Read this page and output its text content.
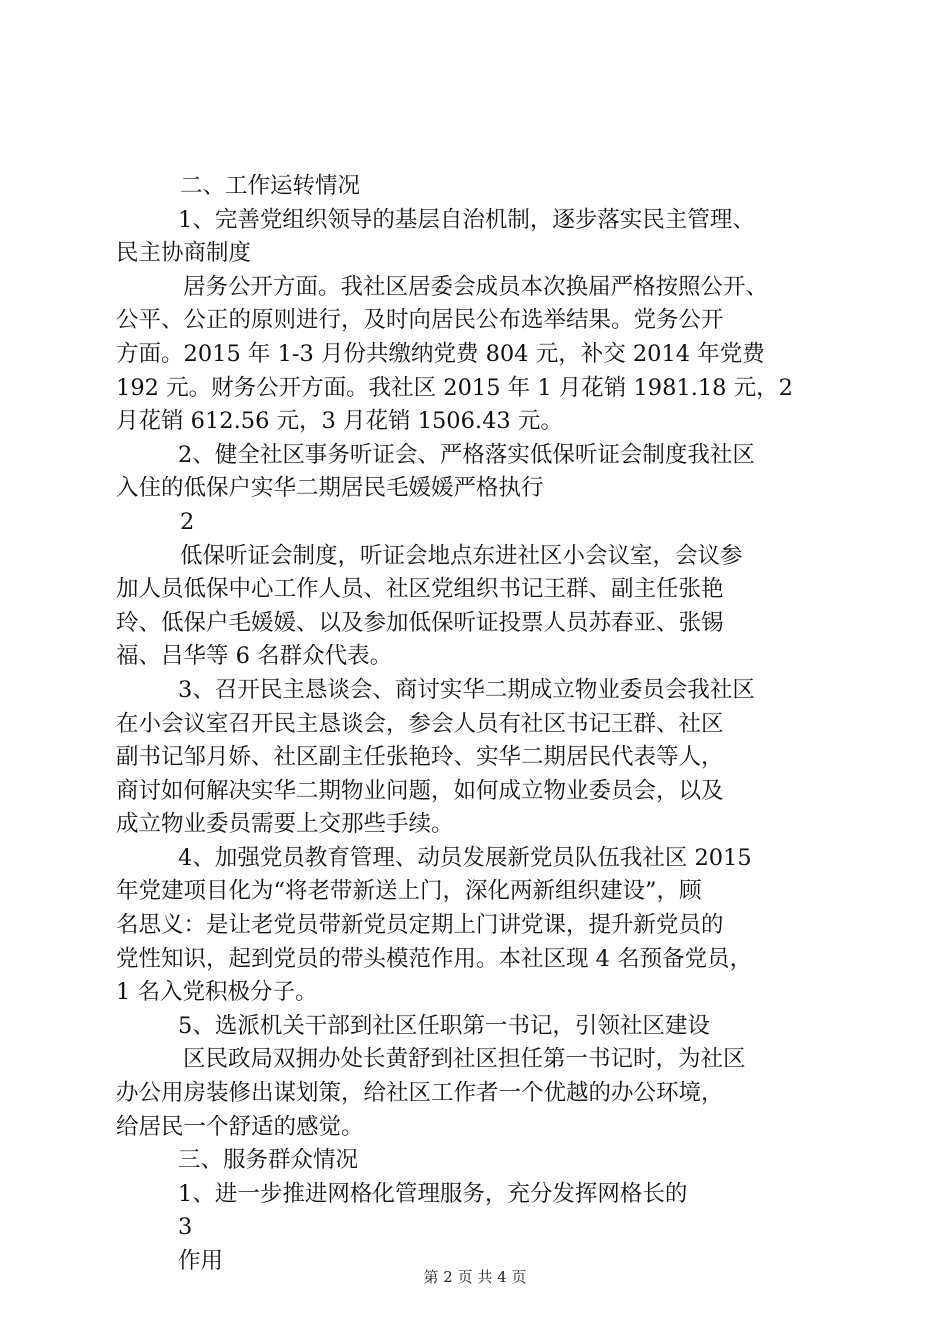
二、工作运转情况
1、完善党组织领导的基层自治机制，逐步落实民主管理、
民主协商制度
居务公开方面。我社区居委会成员本次换届严格按照公开、
公平、公正的原则进行，及时向居民公布选举结果。党务公开
方面。2015 年 1-3 月份共缴纳党费 804 元，补交 2014 年党费
192 元。财务公开方面。我社区 2015 年 1 月花销 1981.18 元，2
月花销 612.56 元，3 月花销 1506.43 元。
2、健全社区事务听证会、严格落实低保听证会制度我社区
入住的低保户实华二期居民毛媛媛严格执行
2
低保听证会制度，听证会地点东进社区小会议室，会议参
加人员低保中心工作人员、社区党组织书记王群、副主任张艳
玲、低保户毛媛媛、以及参加低保听证投票人员苏春亚、张锡
福、吕华等 6 名群众代表。
3、召开民主恳谈会、商讨实华二期成立物业委员会我社区
在小会议室召开民主恳谈会，参会人员有社区书记王群、社区
副书记邹月娇、社区副主任张艳玲、实华二期居民代表等人，
商讨如何解决实华二期物业问题，如何成立物业委员会，以及
成立物业委员需要上交那些手续。
4、加强党员教育管理、动员发展新党员队伍我社区 2015
年党建项目化为“将老带新送上门，深化两新组织建设”，顾
名思义：是让老党员带新党员定期上门讲党课，提升新党员的
党性知识，起到党员的带头模范作用。本社区现 4 名预备党员，
1 名入党积极分子。
5、选派机关干部到社区任职第一书记，引领社区建设
区民政局双拥办处长黄舒到社区担任第一书记时，为社区
办公用房装修出谋划策，给社区工作者一个优越的办公环境，
给居民一个舒适的感觉。
三、服务群众情况
1、进一步推进网格化管理服务，充分发挥网格长的
3
作用
第 2 页 共 4 页
